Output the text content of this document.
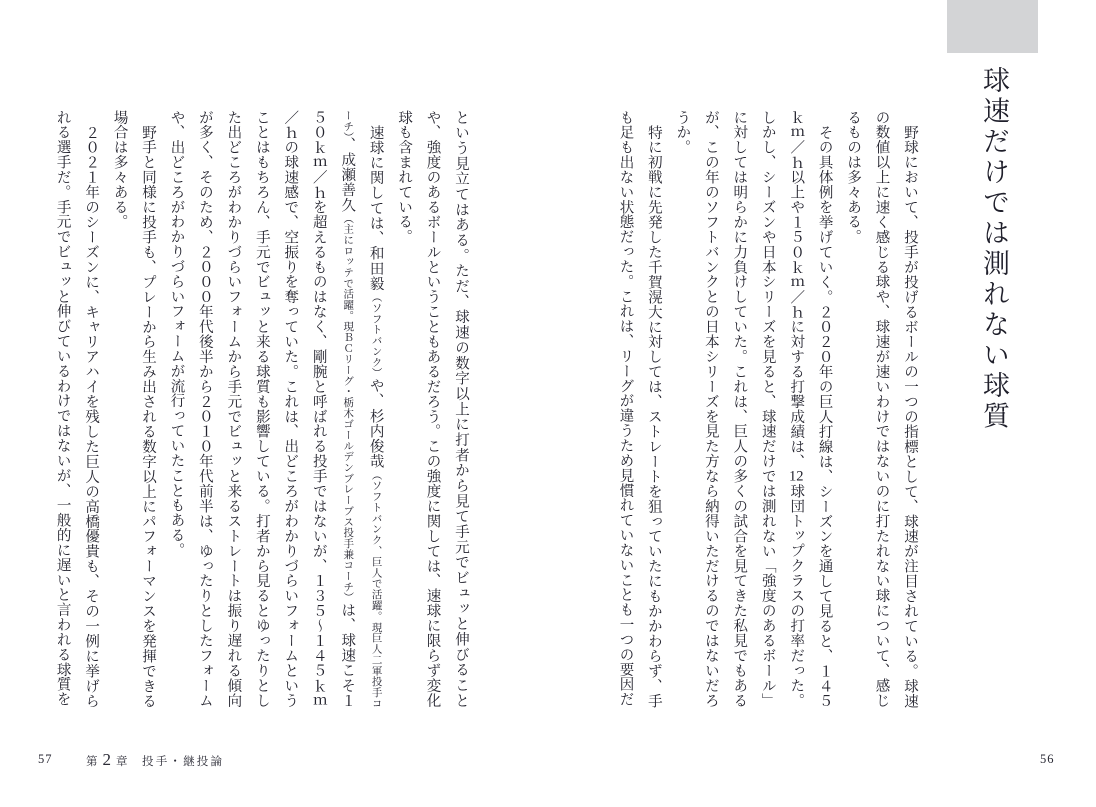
球速だけでは測れない球質

野球において、投手が投げるボールの一つの指標として、球速が注目されている。球速の数値以上に速く感じる球や、球速が速いわけではないのに打たれない球について、感じるものは多々ある。

その具体例を挙げていく。２０２０年の巨人打線は、シーズンを通して見ると、１４５ｋｍ／ｈ以上や１５０ｋｍ／ｈに対する打撃成績は、12球団トップクラスの打率だった。しかし、シーズンや日本シリーズを見ると、球速だけでは測れない「強度のあるボール」に対しては明らかに力負けしていた。これは、巨人の多くの試合を見てきた私見でもあるが、この年のソフトバンクとの日本シリーズを見た方なら納得いただけるのではないだろうか。

特に初戦に先発した千賀滉大に対しては、ストレートを狙っていたにもかかわらず、手も足も出ない状態だった。これは、リーグが違うため見慣れていないことも一つの要因だ

という見立てはある。ただ、球速の数字以上に打者から見て手元でビュッと伸びることや、強度のあるボールということもあるだろう。この強度に関しては、速球に限らず変化球も含まれている。

速球に関しては、和田毅（ソフトバンク）や、杉内俊哉（ソフトバンク、巨人で活躍。現巨人二軍投手コーチ）、成瀬善久（主にロッテで活躍。現ＢＣリーグ・栃木ゴールデンブレーブス投手兼コーチ）は、球速こそ１５０ｋｍ／ｈを超えるものはなく、剛腕と呼ばれる投手ではないが、１３５～１４５ｋｍ／ｈの球速感で、空振りを奪っていた。これは、出どころがわかりづらいフォームということはもちろん、手元でビュッと来る球質も影響している。打者から見るとゆったりとした出どころがわかりづらいフォームから手元でビュッと来るストレートは振り遅れる傾向が多く、そのため、２０００年代後半から２０１０年代前半は、ゆったりとしたフォームや、出どころがわかりづらいフォームが流行っていたこともある。

野手と同様に投手も、プレーから生み出される数字以上にパフォーマンスを発揮できる場合は多々ある。

２０２１年のシーズンに、キャリアハイを残した巨人の高橋優貴も、その一例に挙げられる選手だ。手元でビュッと伸びているわけではないが、一般的に遅いと言われる球質を

57	第 2 章 投手・継投論	56
